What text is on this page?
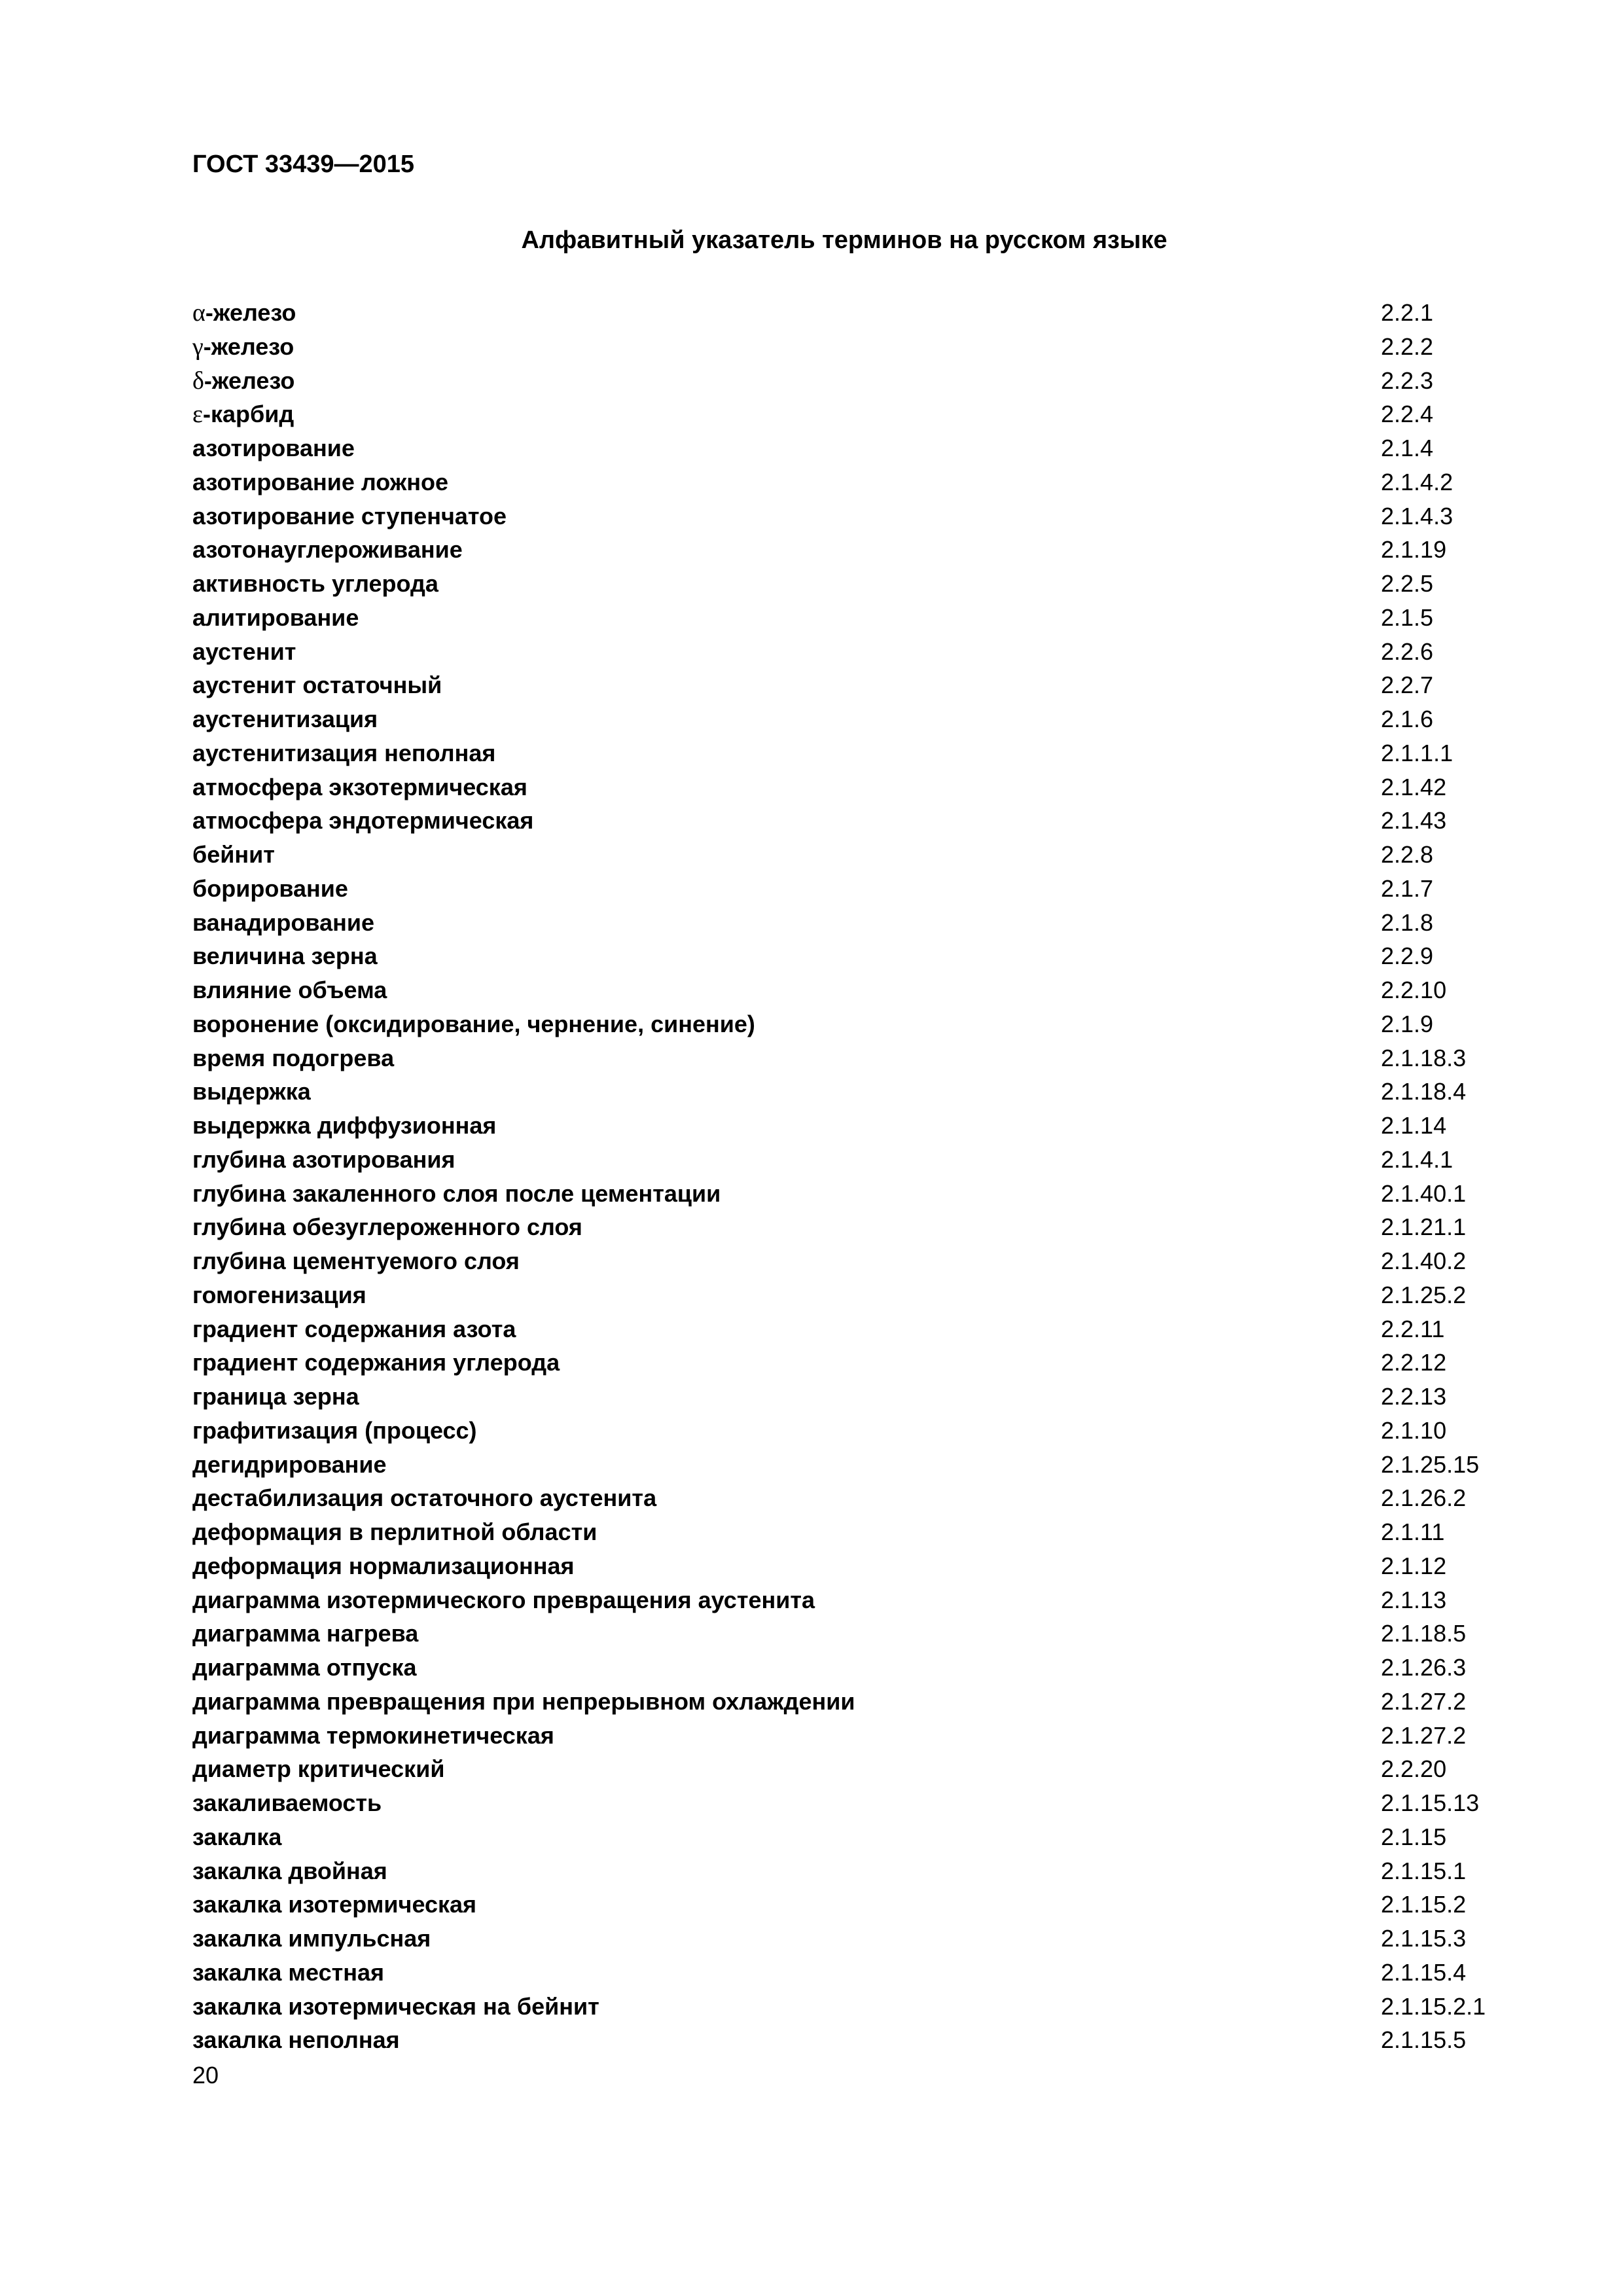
ГОСТ 33439—2015
Алфавитный указатель терминов на русском языке
α-железо	2.2.1
γ-железо	2.2.2
δ-железо	2.2.3
ε-карбид	2.2.4
азотирование	2.1.4
азотирование ложное	2.1.4.2
азотирование ступенчатое	2.1.4.3
азотонауглероживание	2.1.19
активность углерода	2.2.5
алитирование	2.1.5
аустенит	2.2.6
аустенит остаточный	2.2.7
аустенитизация	2.1.6
аустенитизация неполная	2.1.1.1
атмосфера экзотермическая	2.1.42
атмосфера эндотермическая	2.1.43
бейнит	2.2.8
борирование	2.1.7
ванадирование	2.1.8
величина зерна	2.2.9
влияние объема	2.2.10
воронение (оксидирование, чернение, синение)	2.1.9
время подогрева	2.1.18.3
выдержка	2.1.18.4
выдержка диффузионная	2.1.14
глубина азотирования	2.1.4.1
глубина закаленного слоя после цементации	2.1.40.1
глубина обезуглероженного слоя	2.1.21.1
глубина цементуемого слоя	2.1.40.2
гомогенизация	2.1.25.2
градиент содержания азота	2.2.11
градиент содержания углерода	2.2.12
граница зерна	2.2.13
графитизация (процесс)	2.1.10
дегидрирование	2.1.25.15
дестабилизация остаточного аустенита	2.1.26.2
деформация в перлитной области	2.1.11
деформация нормализационная	2.1.12
диаграмма изотермического превращения аустенита	2.1.13
диаграмма нагрева	2.1.18.5
диаграмма отпуска	2.1.26.3
диаграмма превращения при непрерывном охлаждении	2.1.27.2
диаграмма термокинетическая	2.1.27.2
диаметр критический	2.2.20
закаливаемость	2.1.15.13
закалка	2.1.15
закалка двойная	2.1.15.1
закалка изотермическая	2.1.15.2
закалка импульсная	2.1.15.3
закалка местная	2.1.15.4
закалка изотермическая на бейнит	2.1.15.2.1
закалка неполная	2.1.15.5
20
